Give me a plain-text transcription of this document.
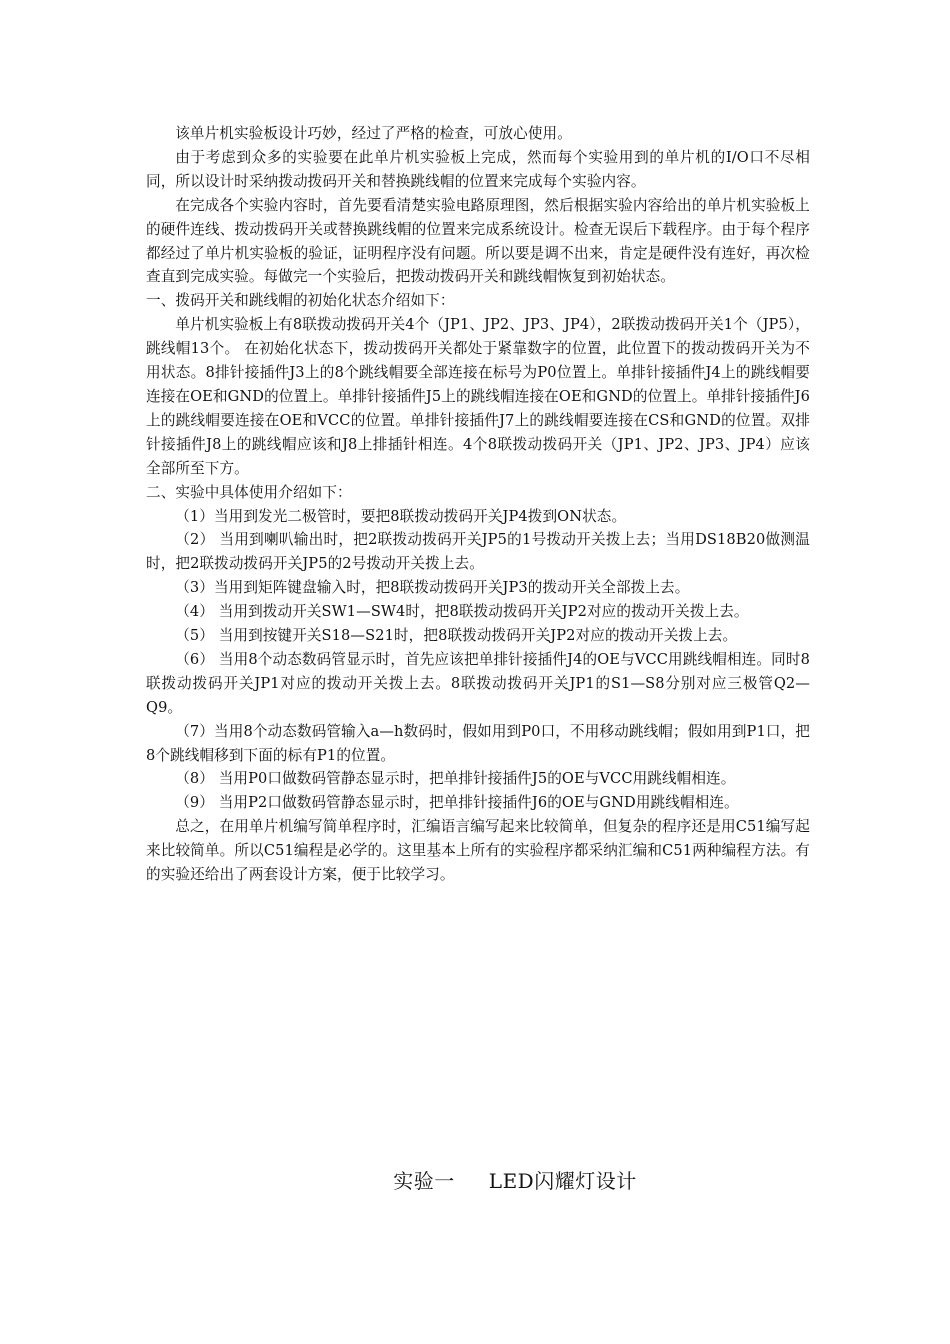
该单片机实验板设计巧妙，经过了严格的检查，可放心使用。

由于考虑到众多的实验要在此单片机实验板上完成，然而每个实验用到的单片机的I/O口不尽相同，所以设计时采纳拨动拨码开关和替换跳线帽的位置来完成每个实验内容。

在完成各个实验内容时，首先要看清楚实验电路原理图，然后根据实验内容给出的单片机实验板上的硬件连线、拨动拨码开关或替换跳线帽的位置来完成系统设计。检查无误后下载程序。由于每个程序都经过了单片机实验板的验证，证明程序没有问题。所以要是调不出来，肯定是硬件没有连好，再次检查直到完成实验。每做完一个实验后，把拨动拨码开关和跳线帽恢复到初始状态。

一、拨码开关和跳线帽的初始化状态介绍如下：

单片机实验板上有8联拨动拨码开关4个（JP1、JP2、JP3、JP4），2联拨动拨码开关1个（JP5），跳线帽13个。 在初始化状态下，拨动拨码开关都处于紧靠数字的位置，此位置下的拨动拨码开关为不用状态。8排针接插件J3上的8个跳线帽要全部连接在标号为P0位置上。单排针接插件J4上的跳线帽要连接在OE和GND的位置上。单排针接插件J5上的跳线帽连接在OE和GND的位置上。单排针接插件J6上的跳线帽要连接在OE和VCC的位置。单排针接插件J7上的跳线帽要连接在CS和GND的位置。双排针接插件J8上的跳线帽应该和J8上排插针相连。4个8联拨动拨码开关（JP1、JP2、JP3、JP4）应该全部所至下方。

二、实验中具体使用介绍如下：

（1）当用到发光二极管时，要把8联拨动拨码开关JP4拨到ON状态。

（2） 当用到喇叭输出时，把2联拨动拨码开关JP5的1号拨动开关拨上去；当用DS18B20做测温时，把2联拨动拨码开关JP5的2号拨动开关拨上去。

（3）当用到矩阵键盘输入时，把8联拨动拨码开关JP3的拨动开关全部拨上去。

（4） 当用到拨动开关SW1—SW4时，把8联拨动拨码开关JP2对应的拨动开关拨上去。

（5） 当用到按键开关S18—S21时，把8联拨动拨码开关JP2对应的拨动开关拨上去。

（6） 当用8个动态数码管显示时，首先应该把单排针接插件J4的OE与VCC用跳线帽相连。同时8联拨动拨码开关JP1对应的拨动开关拨上去。8联拨动拨码开关JP1的S1—S8分别对应三极管Q2—Q9。

（7）当用8个动态数码管输入a—h数码时，假如用到P0口，不用移动跳线帽；假如用到P1口，把8个跳线帽移到下面的标有P1的位置。

（8） 当用P0口做数码管静态显示时，把单排针接插件J5的OE与VCC用跳线帽相连。

（9） 当用P2口做数码管静态显示时，把单排针接插件J6的OE与GND用跳线帽相连。

总之，在用单片机编写简单程序时，汇编语言编写起来比较简单，但复杂的程序还是用C51编写起来比较简单。所以C51编程是必学的。这里基本上所有的实验程序都采纳汇编和C51两种编程方法。有的实验还给出了两套设计方案，便于比较学习。

实验一 LED闪耀灯设计
